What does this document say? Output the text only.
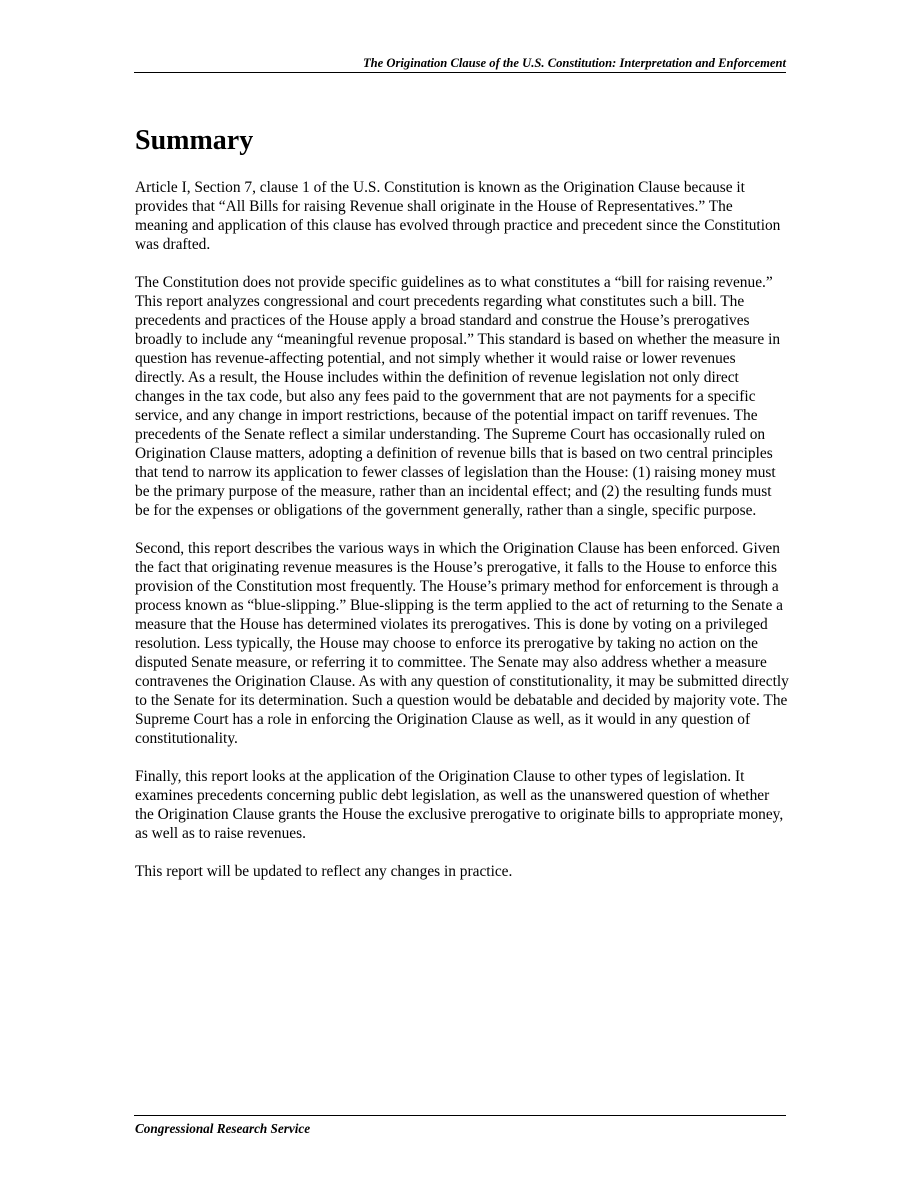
The Origination Clause of the U.S. Constitution: Interpretation and Enforcement
Summary

Article I, Section 7, clause 1 of the U.S. Constitution is known as the Origination Clause because it provides that “All Bills for raising Revenue shall originate in the House of Representatives.” The meaning and application of this clause has evolved through practice and precedent since the Constitution was drafted.

The Constitution does not provide specific guidelines as to what constitutes a “bill for raising revenue.” This report analyzes congressional and court precedents regarding what constitutes such a bill. The precedents and practices of the House apply a broad standard and construe the House’s prerogatives broadly to include any “meaningful revenue proposal.” This standard is based on whether the measure in question has revenue-affecting potential, and not simply whether it would raise or lower revenues directly. As a result, the House includes within the definition of revenue legislation not only direct changes in the tax code, but also any fees paid to the government that are not payments for a specific service, and any change in import restrictions, because of the potential impact on tariff revenues. The precedents of the Senate reflect a similar understanding. The Supreme Court has occasionally ruled on Origination Clause matters, adopting a definition of revenue bills that is based on two central principles that tend to narrow its application to fewer classes of legislation than the House: (1) raising money must be the primary purpose of the measure, rather than an incidental effect; and (2) the resulting funds must be for the expenses or obligations of the government generally, rather than a single, specific purpose.

Second, this report describes the various ways in which the Origination Clause has been enforced. Given the fact that originating revenue measures is the House’s prerogative, it falls to the House to enforce this provision of the Constitution most frequently. The House’s primary method for enforcement is through a process known as “blue-slipping.” Blue-slipping is the term applied to the act of returning to the Senate a measure that the House has determined violates its prerogatives. This is done by voting on a privileged resolution. Less typically, the House may choose to enforce its prerogative by taking no action on the disputed Senate measure, or referring it to committee. The Senate may also address whether a measure contravenes the Origination Clause. As with any question of constitutionality, it may be submitted directly to the Senate for its determination. Such a question would be debatable and decided by majority vote. The Supreme Court has a role in enforcing the Origination Clause as well, as it would in any question of constitutionality.

Finally, this report looks at the application of the Origination Clause to other types of legislation. It examines precedents concerning public debt legislation, as well as the unanswered question of whether the Origination Clause grants the House the exclusive prerogative to originate bills to appropriate money, as well as to raise revenues.

This report will be updated to reflect any changes in practice.

Congressional Research Service
